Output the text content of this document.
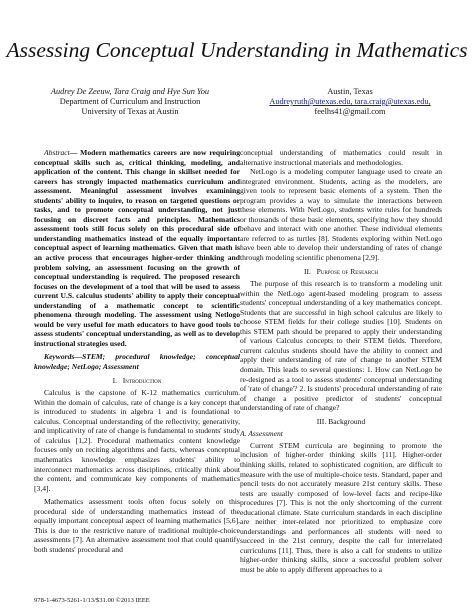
Assessing Conceptual Understanding in Mathematics
Audrey De Zeeuw, Tara Craig and Hye Sun You
Department of Curriculum and Instruction
University of Texas at Austin
Austin, Texas
Audreyruth@utexas.edu, tara.craig@utexas.edu,
feelhs41@gmail.com

Abstract— Modern mathematics careers are now requiring conceptual skills such as, critical thinking, modeling, and application of the content. This change in skillset needed for careers has strongly impacted mathematics curriculum and assessment. Meaningful assessment involves examining students' ability to inquire, to reason on targeted questions or tasks, and to promote conceptual understanding, not just focusing on discreet facts and principles. Mathematics assessment tools still focus solely on this procedural side of understanding mathematics instead of the equally important conceptual aspect of learning mathematics. Given that math is an active process that encourages higher-order thinking and problem solving, an assessment focusing on the growth of conceptual understanding is required. The proposed research focuses on the development of a tool that will be used to assess current U.S. calculus students' ability to apply their conceptual understanding of a mathematic concept to scientific phenomena through modeling. The assessment using Netlogo would be very useful for math educators to have good tools to assess students' conceptual understanding, as well as to develop instructional strategies used.

Keywords—STEM; procedural knowledge; conceptual knowledge; NetLogo; Assessment

I. Introduction

Calculus is the capstone of K-12 mathematics curriculum. Within the domain of calculus, rate of change is a key concept that is introduced to students in algebra 1 and is foundational to calculus. Conceptual understanding of the reflectivity, generativity, and implicativity of rate of change is fundamental to students' study of calculus [1,2]. Procedural mathematics content knowledge focuses only on reciting algorithms and facts, whereas conceptual mathematics knowledge emphasizes students' ability to interconnect mathematics across disciplines, critically think about the content, and communicate key components of mathematics [3,4].

Mathematics assessment tools often focus solely on this procedural side of understanding mathematics instead of the equally important conceptual aspect of learning mathematics [5,6]. This is due to the restrictive nature of traditional multiple-choice assessments [7]. An alternative assessment tool that could quantify both students' procedural and

conceptual understanding of mathematics could result in alternative instructional materials and methodologies.

NetLogo is a modeling computer language used to create an integrated environment. Students, acting as the modelers, are given tools to represent basic elements of a system. Then the program provides a way to simulate the interactions between these elements. With NetLogo, students write rules for hundreds or thousands of these basic elements, specifying how they should behave and interact with one another. These individual elements are referred to as turtles [8]. Students exploring within NetLogo have been able to develop their understanding of rates of change through modeling scientific phenomena [2,9].

II. Purpose of Research

The purpose of this research is to transform a modeling unit within the NetLogo agent-based modeling program to assess students' conceptual understanding of a key mathematics concept. Students that are successful in high school calculus are likely to choose STEM fields for their college studies [10]. Students on this STEM path should be prepared to apply their understanding of various Calculus concepts to their STEM fields. Therefore, current calculus students should have the ability to connect and apply their understanding of rate of change to another STEM domain. This leads to several questions: 1. How can NetLogo be re-designed as a tool to assess students' conceptual understanding of 'rate of change'? 2. Is students' procedural understanding of rate of change a positive predictor of students' conceptual understanding of rate of change?

III. Background
A. Assessment

Current STEM curricula are beginning to promote the inclusion of higher-order thinking skills [11]. Higher-order thinking skills, related to sophisticated cognition, are difficult to measure with the use of multiple-choice tests. Standard, paper and pencil tests do not accurately measure 21st century skills. These tests are usually composed of low-level facts and recipe-like procedures [7]. This is not the only shortcoming of the current educational climate. State curriculum standards in each discipline are neither inter-related nor prioritized to emphasize core understandings and performances all students will need to succeed in the 21st century, despite the call for interrelated curriculums [11]. Thus, there is also a call for students to utilize higher-order thinking skills, since a successful problem solver must be able to apply different approaches to a

978-1-4673-5261-1/13/$31.00 ©2013 IEEE
